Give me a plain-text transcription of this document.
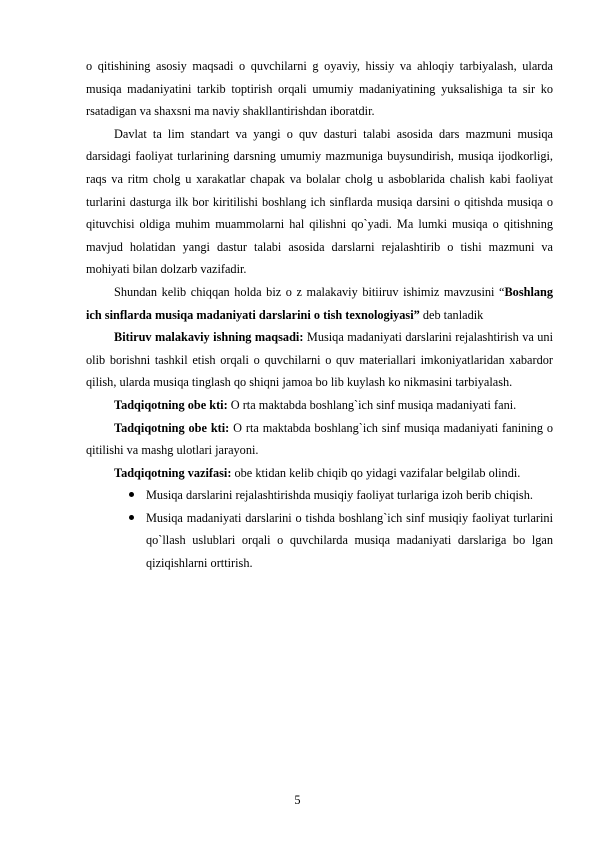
o qitishining asosiy maqsadi o quvchilarni g oyaviy, hissiy va ahloqiy tarbiyalash, ularda musiqa madaniyatini tarkib toptirish orqali umumiy madaniyatining yuksalishiga ta sir ko rsatadigan va shaxsni ma naviy shakllantirishdan iboratdir.

Davlat ta lim standart va yangi o quv dasturi talabi asosida dars mazmuni musiqa darsidagi faoliyat turlarining darsning umumiy mazmuniga buysundirish, musiqa ijodkorligi, raqs va ritm cholg u xarakatlar chapak va bolalar cholg u asboblarida chalish kabi faoliyat turlarini dasturga ilk bor kiritilishi boshlang ich sinflarda musiqa darsini o qitishda musiqa o qituvchisi oldiga muhim muammolarni hal qilishni qo`yadi. Ma lumki musiqa o qitishning mavjud holatidan yangi dastur talabi asosida darslarni rejalashtirib o tishi mazmuni va mohiyati bilan dolzarb vazifadir.

Shundan kelib chiqqan holda biz o z malakaviy bitiiruv ishimiz mavzusini “Boshlang ich sinflarda musiqa madaniyati darslarini o tish texnologiyasi” deb tanladik

Bitiruv malakaviy ishning maqsadi: Musiqa madaniyati darslarini rejalashtirish va uni olib borishni tashkil etish orqali o quvchilarni o quv materiallari imkoniyatlaridan xabardor qilish, ularda musiqa tinglash qo shiqni jamoa bo lib kuylash ko nikmasini tarbiyalash.

Tadqiqotning obe kti: O rta maktabda boshlang`ich sinf musiqa madaniyati fani.

Tadqiqotning obe kti: O rta maktabda boshlang`ich sinf musiqa madaniyati fanining o qitilishi va mashg ulotlari jarayoni.

Tadqiqotning vazifasi: obe ktidan kelib chiqib qo yidagi vazifalar belgilab olindi.

Musiqa darslarini rejalashtirishda musiqiy faoliyat turlariga izoh berib chiqish.
Musiqa madaniyati darslarini o tishda boshlang`ich sinf musiqiy faoliyat turlarini qo`llash uslublari orqali o quvchilarda musiqa madaniyati darslariga bo lgan qiziqishlarni orttirish.
5
